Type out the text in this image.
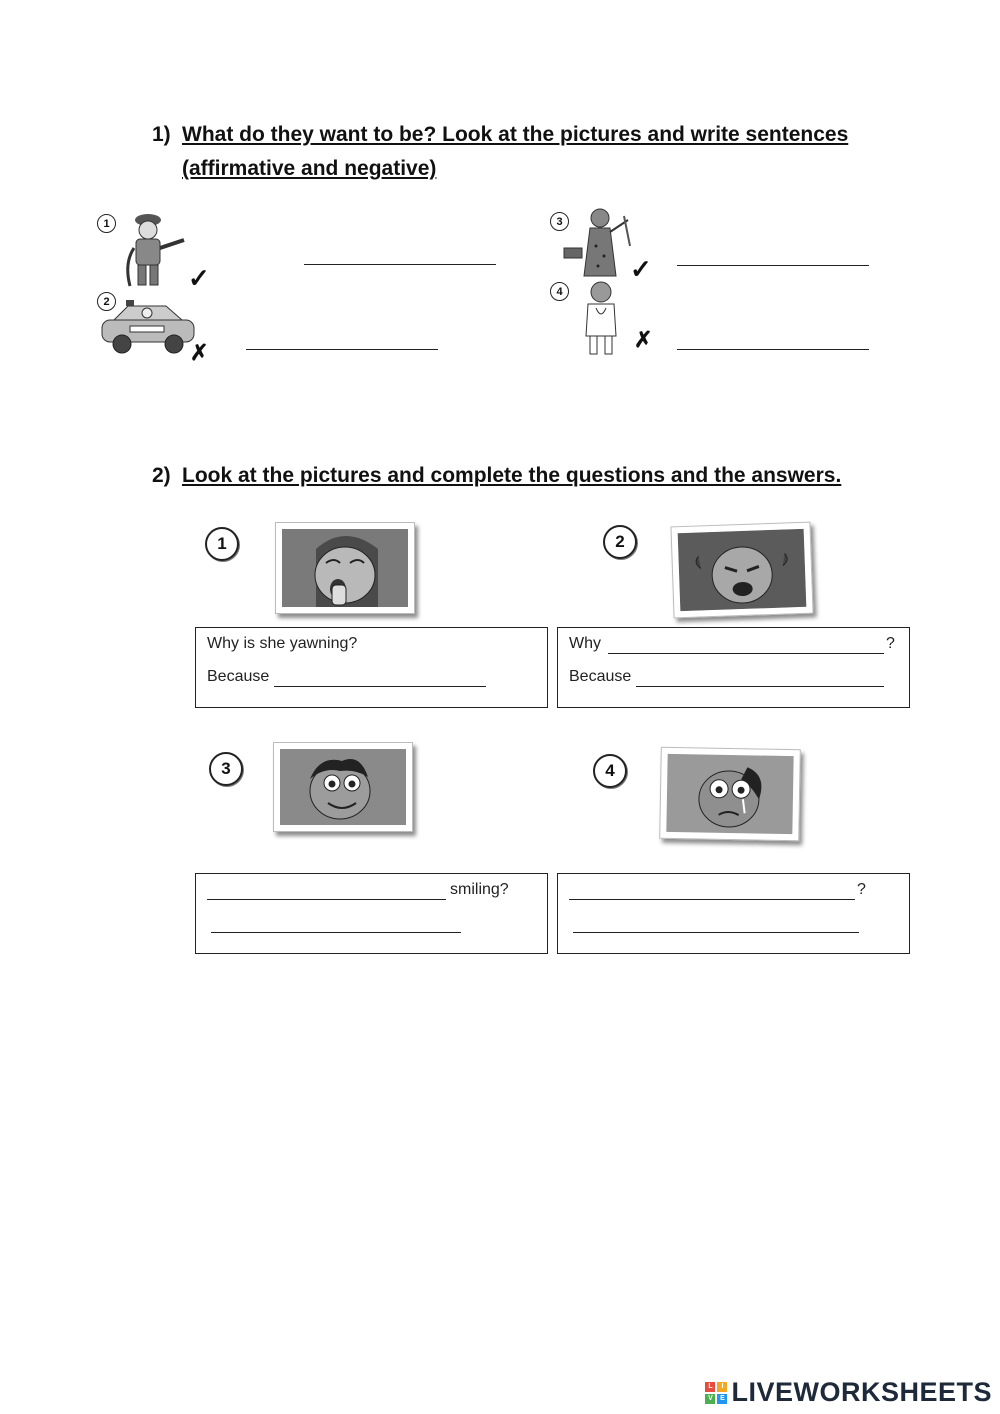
1) What do they want to be? Look at the pictures and write sentences
(affirmative and negative)
1
✓
2
✗
3
✓
4
✗
2) Look at the pictures and complete the questions and the answers.
1
Why is she yawning?
Because
2
Why	?
Because
3
smiling?
4
?
L	I
V	E LIVEWORKSHEETS
